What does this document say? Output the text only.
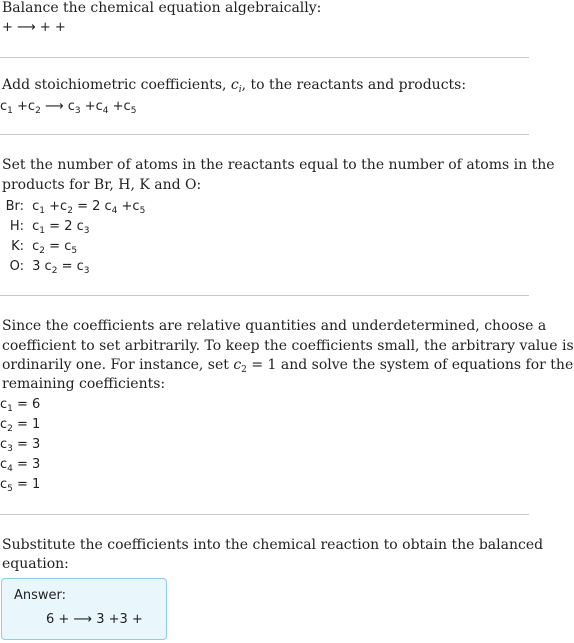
Balance the chemical equation algebraically:
+ ⟶ + +
Add stoichiometric coefficients, $c_i$, to the reactants and products:
$c_1 +c_2$ ⟶ $c_3 +c_4 +c_5$
Set the number of atoms in the reactants equal to the number of atoms in the
products for Br, H, K and O:
Br: $c_1 +c_2 = 2$ $c_4 +c_5$
H: $c_1 = 2$ $c_3$
K: $c_2 = c_5$
O: 3 $c_2 = c_3$
Since the coefficients are relative quantities and underdetermined, choose a
coefficient to set arbitrarily. To keep the coefficients small, the arbitrary value is
ordinarily one. For instance, set $c_2 = 1$ and solve the system of equations for the
remaining coefficients:
$c_1 = 6$
$c_2 = 1$
$c_3 = 3$
$c_4 = 3$
$c_5 = 1$
Substitute the coefficients into the chemical reaction to obtain the balanced
equation:
Answer:
6 + ⟶ 3 +3 +
